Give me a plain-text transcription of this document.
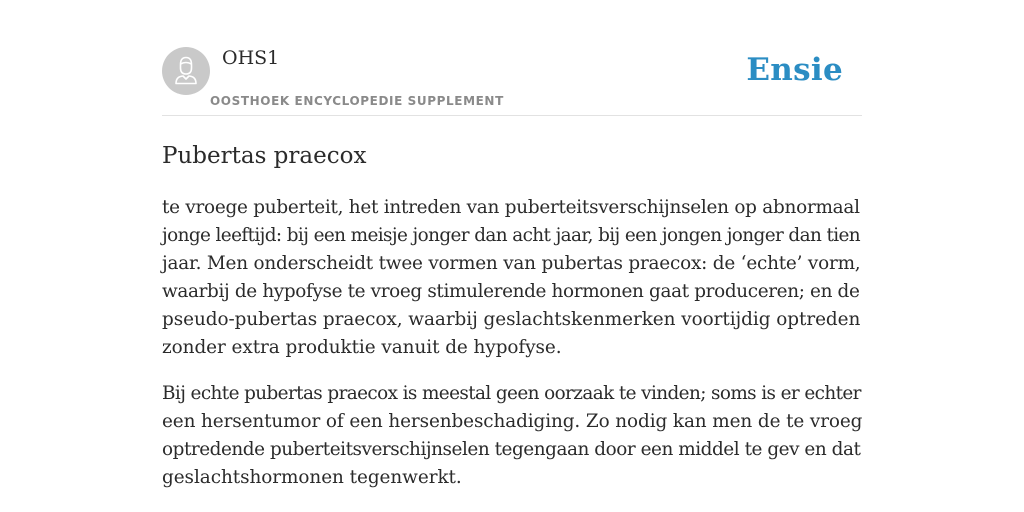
OHS1
OOSTHOEK ENCYCLOPEDIE SUPPLEMENT
Ensie
Pubertas praecox

te vroege puberteit, het intreden van puberteitsverschijnselen op abnormaal
jonge leeftijd: bij een meisje jonger dan acht jaar, bij een jongen jonger dan tien
jaar. Men onderscheidt twee vormen van pubertas praecox: de ‘echte’ vorm,
waarbij de hypofyse te vroeg stimulerende hormonen gaat produceren; en de
pseudo-pubertas praecox, waarbij geslachtskenmerken voortijdig optreden
zonder extra produktie vanuit de hypofyse.

Bij echte pubertas praecox is meestal geen oorzaak te vinden; soms is er echter
een hersentumor of een hersenbeschadiging. Zo nodig kan men de te vroeg
optredende puberteitsverschijnselen tegengaan door een middel te gev en dat
geslachtshormonen tegenwerkt.
